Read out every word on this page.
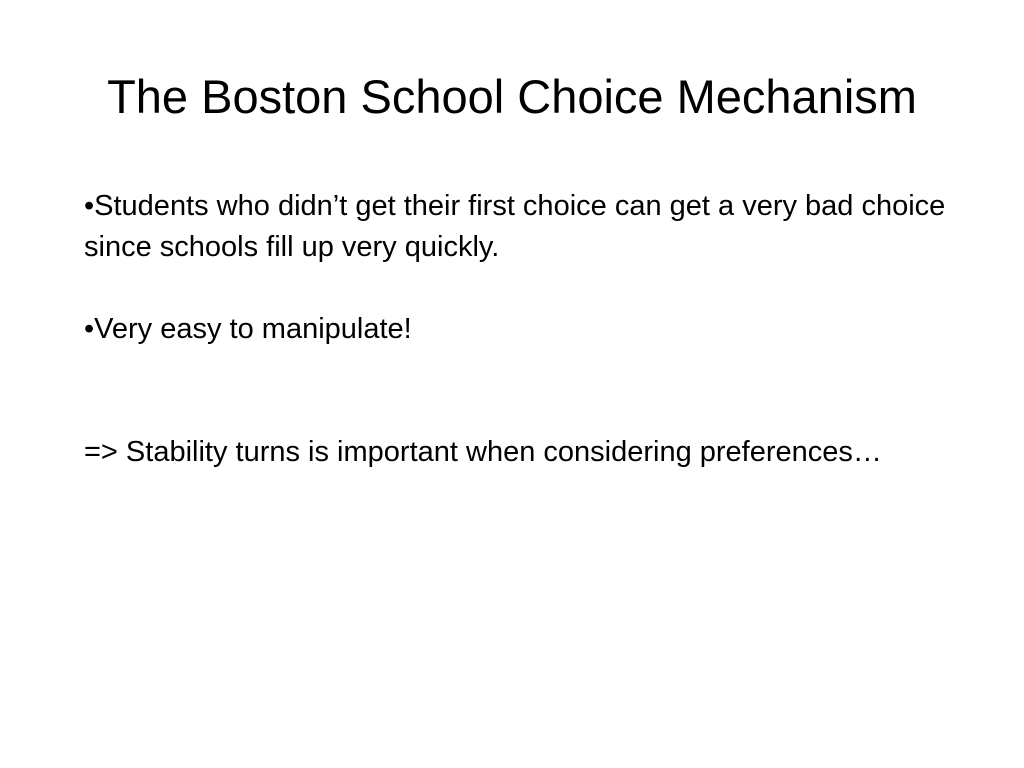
The Boston School Choice Mechanism

•Students who didn’t get their first choice can get a very bad choice since schools fill up very quickly.

•Very easy to manipulate!

=> Stability turns is important when considering preferences…
